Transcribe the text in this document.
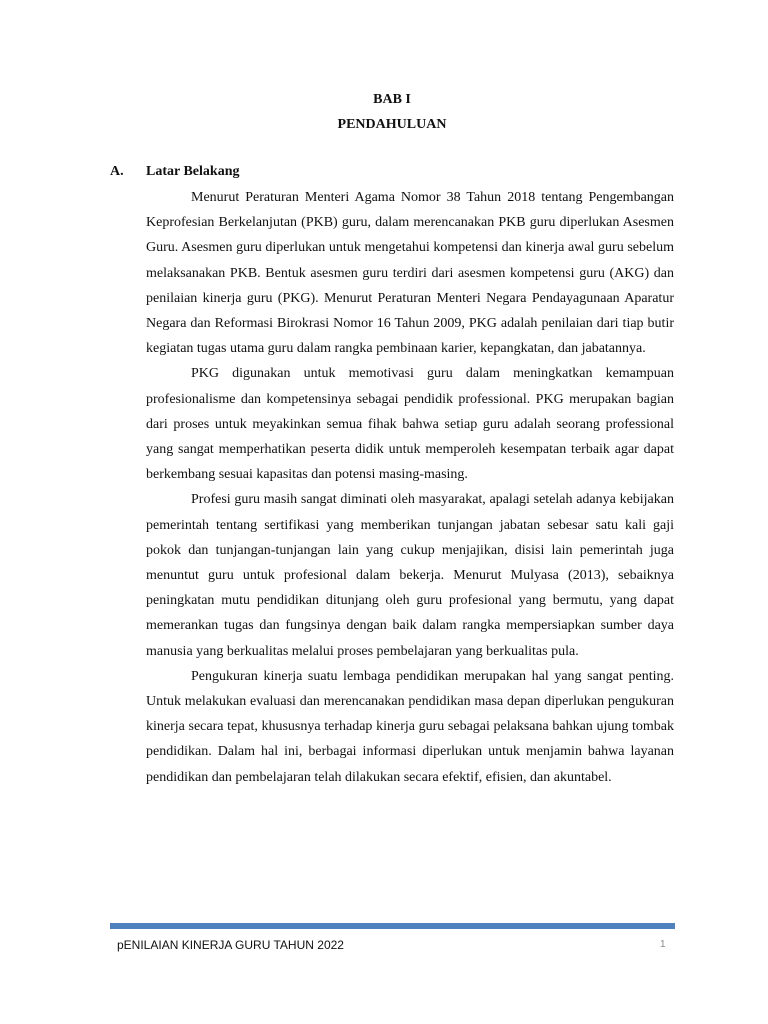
BAB I
PENDAHULUAN
A. Latar Belakang

Menurut Peraturan Menteri Agama Nomor 38 Tahun 2018 tentang Pengembangan Keprofesian Berkelanjutan (PKB) guru, dalam merencanakan PKB guru diperlukan Asesmen Guru. Asesmen guru diperlukan untuk mengetahui kompetensi dan kinerja awal guru sebelum melaksanakan PKB. Bentuk asesmen guru terdiri dari asesmen kompetensi guru (AKG) dan penilaian kinerja guru (PKG). Menurut Peraturan Menteri Negara Pendayagunaan Aparatur Negara dan Reformasi Birokrasi Nomor 16 Tahun 2009, PKG adalah penilaian dari tiap butir kegiatan tugas utama guru dalam rangka pembinaan karier, kepangkatan, dan jabatannya.

PKG digunakan untuk memotivasi guru dalam meningkatkan kemampuan profesionalisme dan kompetensinya sebagai pendidik professional. PKG merupakan bagian dari proses untuk meyakinkan semua fihak bahwa setiap guru adalah seorang professional yang sangat memperhatikan peserta didik untuk memperoleh kesempatan terbaik agar dapat berkembang sesuai kapasitas dan potensi masing-masing.

Profesi guru masih sangat diminati oleh masyarakat, apalagi setelah adanya kebijakan pemerintah tentang sertifikasi yang memberikan tunjangan jabatan sebesar satu kali gaji pokok dan tunjangan-tunjangan lain yang cukup menjajikan, disisi lain pemerintah juga menuntut guru untuk profesional dalam bekerja. Menurut Mulyasa (2013), sebaiknya peningkatan mutu pendidikan ditunjang oleh guru profesional yang bermutu, yang dapat memerankan tugas dan fungsinya dengan baik dalam rangka mempersiapkan sumber daya manusia yang berkualitas melalui proses pembelajaran yang berkualitas pula.

Pengukuran kinerja suatu lembaga pendidikan merupakan hal yang sangat penting. Untuk melakukan evaluasi dan merencanakan pendidikan masa depan diperlukan pengukuran kinerja secara tepat, khususnya terhadap kinerja guru sebagai pelaksana bahkan ujung tombak pendidikan. Dalam hal ini, berbagai informasi diperlukan untuk menjamin bahwa layanan pendidikan dan pembelajaran telah dilakukan secara efektif, efisien, dan akuntabel.

pENILAIAN KINERJA GURU TAHUN 2022	1
